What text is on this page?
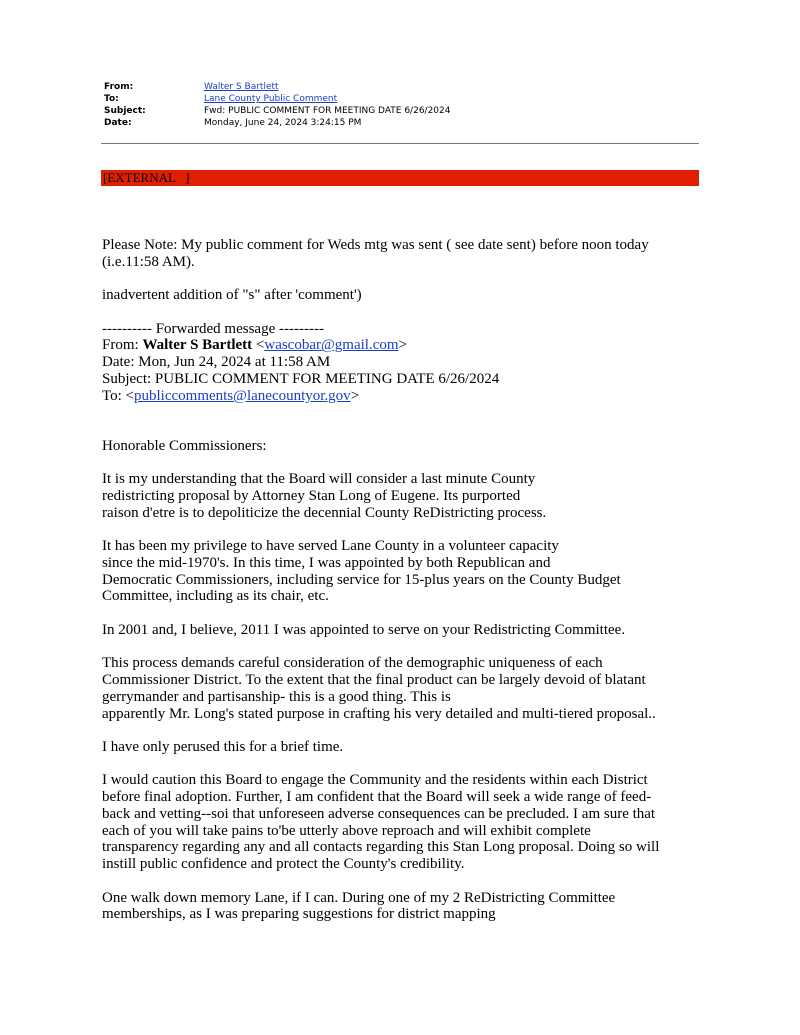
From:	Walter S Bartlett
To:	Lane County Public Comment
Subject:	Fwd: PUBLIC COMMENT FOR MEETING DATE 6/26/2024
Date:	Monday, June 24, 2024 3:24:15 PM
[EXTERNAL   ]

Please Note: My public comment for Weds mtg was sent ( see date sent) before noon today
(i.e.11:58 AM).

inadvertent addition of "s" after 'comment')

---------- Forwarded message ---------
From: Walter S Bartlett <wascobar@gmail.com>
Date: Mon, Jun 24, 2024 at 11:58 AM
Subject: PUBLIC COMMENT FOR MEETING DATE 6/26/2024
To: <publiccomments@lanecountyor.gov>

Honorable Commissioners:

It is my understanding that the Board will consider a last minute County
redistricting proposal by Attorney Stan Long of Eugene. Its purported
raison d'etre is to depoliticize the decennial County ReDistricting process.

It has been my privilege to have served Lane County in a volunteer capacity
since the mid-1970's. In this time, I was appointed by both Republican and
Democratic Commissioners, including service for 15-plus years on the County Budget
Committee, including as its chair, etc.

In 2001 and, I believe, 2011 I was appointed to serve on your Redistricting Committee.

This process demands careful consideration of the demographic uniqueness of each
Commissioner District. To the extent that the final product can be largely devoid of blatant
gerrymander and partisanship- this is a good thing. This is
apparently Mr. Long's stated purpose in crafting his very detailed and multi-tiered proposal..

I have only perused this for a brief time.

I would caution this Board to engage the Community and the residents within each District
before final adoption. Further, I am confident that the Board will seek a wide range of feed-
back and vetting--soi that unforeseen adverse consequences can be precluded. I am sure that
each of you will take pains to'be utterly above reproach and will exhibit complete
transparency regarding any and all contacts regarding this Stan Long proposal. Doing so will
instill public confidence and protect the County's credibility.

One walk down memory Lane, if I can. During one of my 2 ReDistricting Committee
memberships, as I was preparing suggestions for district mapping
